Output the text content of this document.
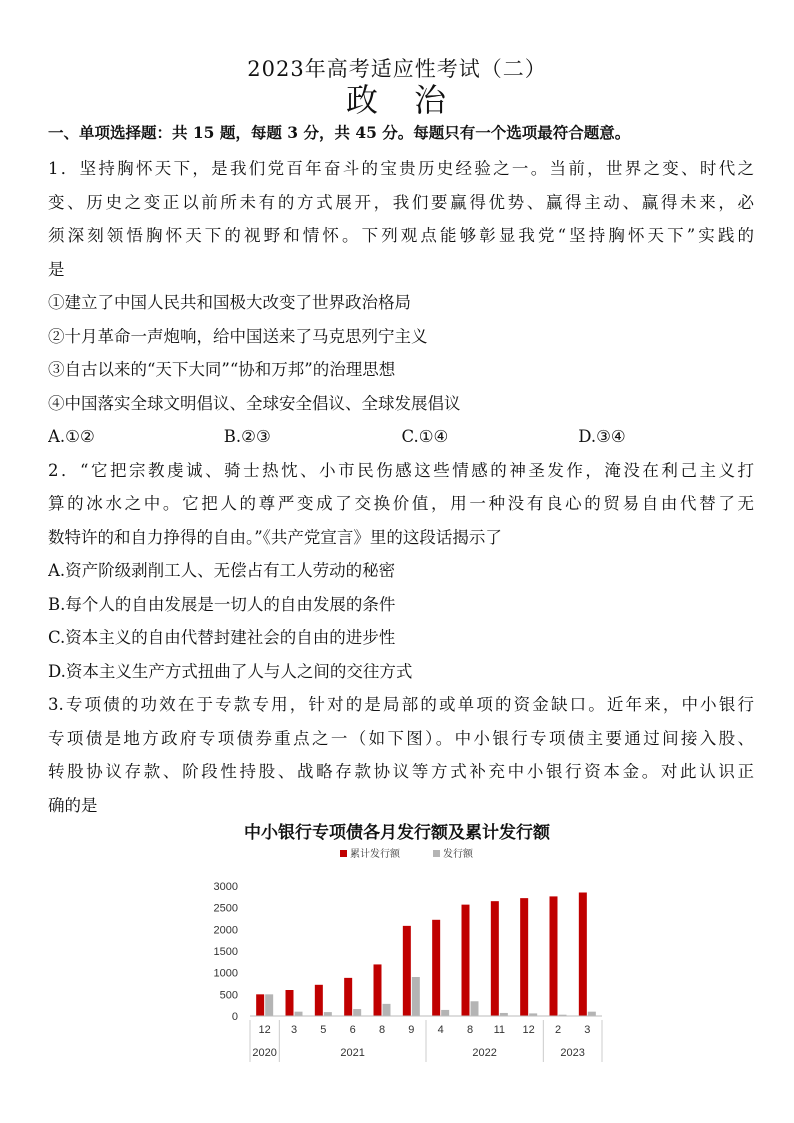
2023年高考适应性考试（二）
政　治
一、单项选择题：共 15 题，每题 3 分，共 45 分。每题只有一个选项最符合题意。
1．坚持胸怀天下，是我们党百年奋斗的宝贵历史经验之一。当前，世界之变、时代之
变、历史之变正以前所未有的方式展开，我们要赢得优势、赢得主动、赢得未来，必
须深刻领悟胸怀天下的视野和情怀。下列观点能够彰显我党“坚持胸怀天下”实践的
是
①建立了中国人民共和国极大改变了世界政治格局
②十月革命一声炮响，给中国送来了马克思列宁主义
③自古以来的“天下大同”“协和万邦”的治理思想
④中国落实全球文明倡议、全球安全倡议、全球发展倡议
A.①②	B.②③	C.①④	D.③④
2．“它把宗教虔诚、骑士热忱、小市民伤感这些情感的神圣发作，淹没在利己主义打
算的冰水之中。它把人的尊严变成了交换价值，用一种没有良心的贸易自由代替了无
数特许的和自力挣得的自由。”《共产党宣言》里的这段话揭示了
A.资产阶级剥削工人、无偿占有工人劳动的秘密
B.每个人的自由发展是一切人的自由发展的条件
C.资本主义的自由代替封建社会的自由的进步性
D.资本主义生产方式扭曲了人与人之间的交往方式
3.专项债的功效在于专款专用，针对的是局部的或单项的资金缺口。近年来，中小银行
专项债是地方政府专项债券重点之一（如下图）。中小银行专项债主要通过间接入股、
转股协议存款、阶段性持股、战略存款协议等方式补充中小银行资本金。对此认识正
确的是
中小银行专项债各月发行额及累计发行额
累计发行额	发行额
0
500
1000
1500
2000
2500
3000
12 3 5 6 8 9 4 8 11 12 2 3
2020	2021	2022	2023
